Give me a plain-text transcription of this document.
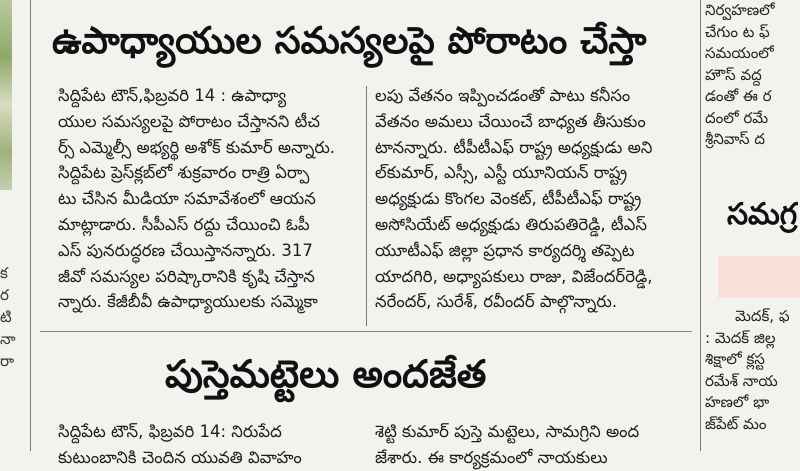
క
ర
టి
నా
రా
ఉపాధ్యాయుల సమస్యలపై పోరాటం చేస్తా
సిద్దిపేట టౌన్,ఫిబ్రవరి 14 : ఉపాధ్యా
యుల సమస్యలపై పోరాటం చేస్తానని టీచ
ర్స్ ఎమ్మెల్సీ అభ్యర్థి అశోక్ కుమార్ అన్నారు.
సిద్దిపేట ప్రెస్‌క్లబ్‌లో శుక్రవారం రాత్రి ఏర్పా
టు చేసిన మీడియా సమావేశంలో ఆయన
మాట్లాడారు. సీపీఎస్ రద్దు చేయించి ఓపీ
ఎస్ పునరుద్ధరణ చేయిస్తానన్నారు. 317
జీవో సమస్యల పరిష్కారానికి కృషి చేస్తాన
న్నారు. కేజీబీవీ ఉపాధ్యాయులకు సమ్మెకా
లపు వేతనం ఇప్పించడంతో పాటు కనీసం
వేతనం అమలు చేయించే బాధ్యత తీసుకుం
టానన్నారు. టీపీటీఎఫ్ రాష్ట్ర అధ్యక్షుడు అని
ల్‌కుమార్, ఎస్సీ, ఎస్టీ యూనియన్ రాష్ట్ర
అధ్యక్షుడు కొంగల వెంకట్, టీపీటీఎఫ్ రాష్ట్ర
అసోసియేట్ అధ్యక్షుడు తిరుపతిరెడ్డి, టీఎస్
యూటీఎఫ్ జిల్లా ప్రధాన కార్యదర్శి తప్పెట
యాదగిరి, అధ్యాపకులు రాజు, విజేందర్‌రెడ్డి,
నరేందర్, సురేశ్, రవీందర్ పాల్గొన్నారు.
పుస్తెమట్టెలు అందజేత
సిద్దిపేట టౌన్, ఫిబ్రవరి 14: నిరుపేద
కుటుంబానికి చెందిన యువతి వివాహం
శెట్టి కుమార్ పుస్తె మట్టెలు, సామగ్రిని అంద
జేశారు. ఈ కార్యక్రమంలో నాయకులు
నిర్వహణలో
చేగుం ట ఫ్
సమయంలో
హౌస్ వద్ద
డంతో ఈ ర
దంలో రమే
శ్రీనివాస్ ద
సమగ్ర
మెదక్, ఫ
: మెదక్ జిల్ల
శిక్షాలో క్లస్ట
రమేశ్ నాయ
హణలో భా
జ్‌పేట్ మం
